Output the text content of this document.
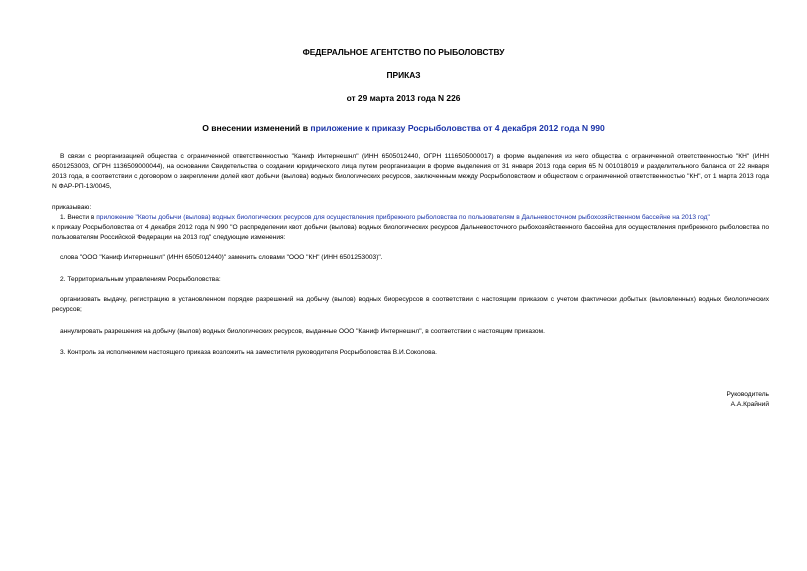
ФЕДЕРАЛЬНОЕ АГЕНТСТВО ПО РЫБОЛОВСТВУ
ПРИКАЗ
от 29 марта 2013 года N 226
О внесении изменений в приложение к приказу Росрыболовства от 4 декабря 2012 года N 990
В связи с реорганизацией общества с ограниченной ответственностью "Каниф Интернешнл" (ИНН 6505012440, ОГРН 1116505000017) в форме выделения из него общества с ограниченной ответственностью "КН" (ИНН 6501253003, ОГРН 1136509000044), на основании Свидетельства о создании юридического лица путем реорганизации в форме выделения от 31 января 2013 года серия 65 N 001018019 и разделительного баланса от 22 января 2013 года, в соответствии с договором о закреплении долей квот добычи (вылова) водных биологических ресурсов, заключенным между Росрыболовством и обществом с ограниченной ответственностью "КН", от 1 марта 2013 года N ФАР-РП-13/0045,
приказываю:
1. Внести в приложение "Квоты добычи (вылова) водных биологических ресурсов для осуществления прибрежного рыболовства по пользователям в Дальневосточном рыбохозяйственном бассейне на 2013 год"
к приказу Росрыболовства от 4 декабря 2012 года N 990 "О распределении квот добычи (вылова) водных биологических ресурсов Дальневосточного рыбохозяйственного бассейна для осуществления прибрежного рыболовства по пользователям Российской Федерации на 2013 год" следующие изменения:
слова "ООО "Каниф Интернешнл" (ИНН 6505012440)" заменить словами "ООО "КН" (ИНН 6501253003)".
2. Территориальным управлениям Росрыболовства:
организовать выдачу, регистрацию в установленном порядке разрешений на добычу (вылов) водных биоресурсов в соответствии с настоящим приказом с учетом фактически добытых (выловленных) водных биологических ресурсов;
аннулировать разрешения на добычу (вылов) водных биологических ресурсов, выданные ООО "Каниф Интернешнл", в соответствии с настоящим приказом.
3. Контроль за исполнением настоящего приказа возложить на заместителя руководителя Росрыболовства В.И.Соколова.
Руководитель
А.А.Крайний
